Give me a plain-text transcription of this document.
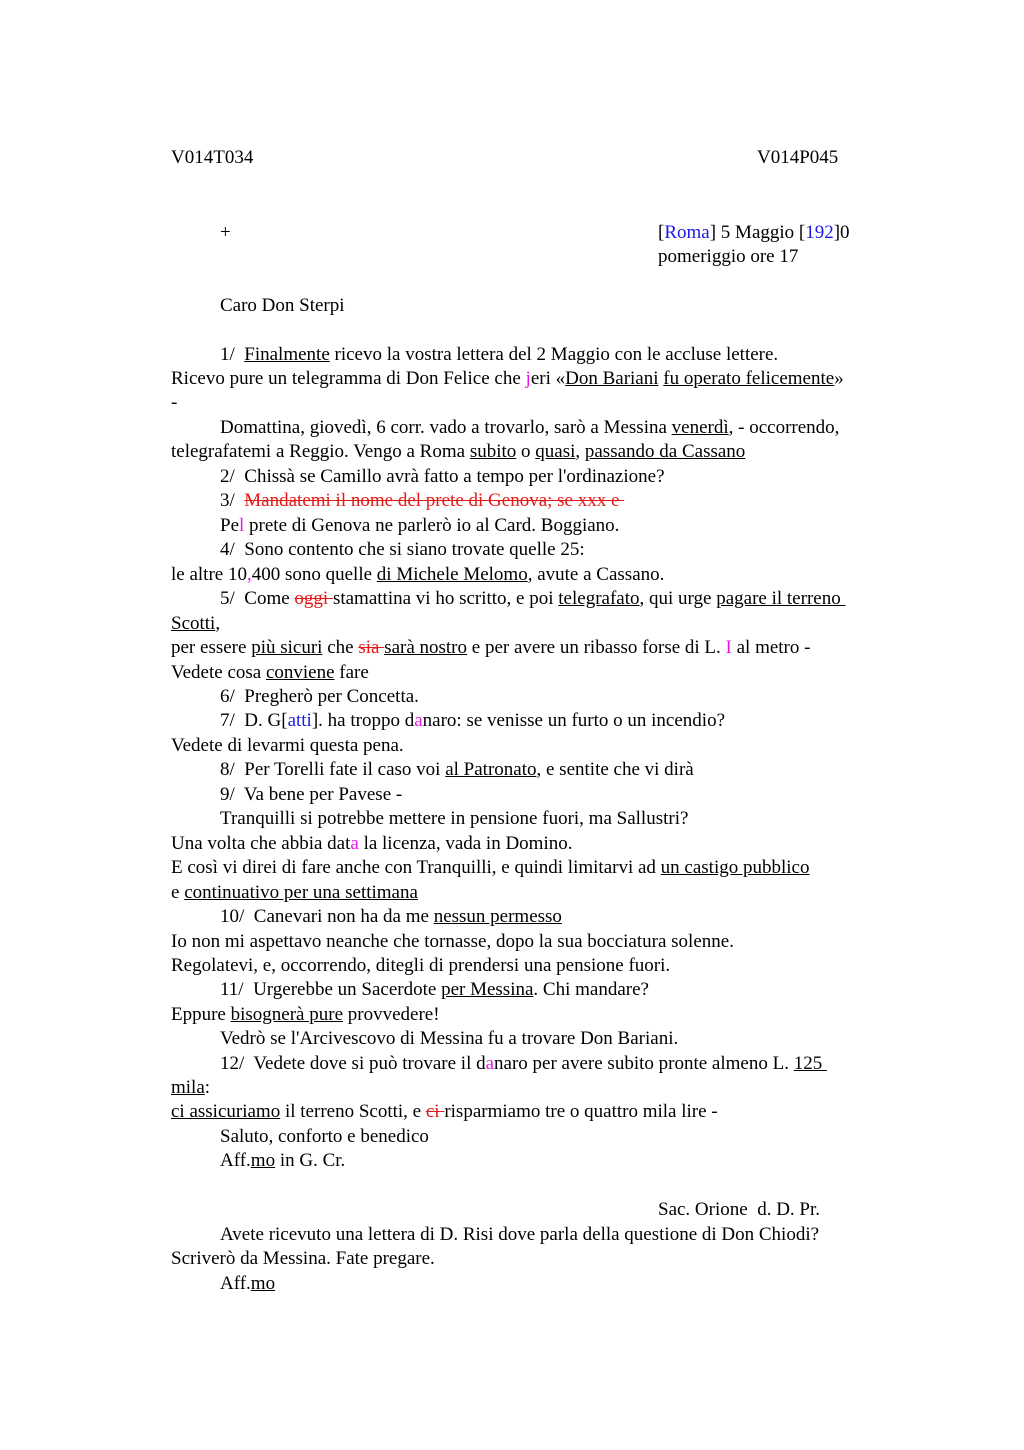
V014T034	V014P045
+	[Roma] 5 Maggio [192]0
pomeriggio ore 17
Caro Don Sterpi
1/  Finalmente ricevo la vostra lettera del 2 Maggio con le accluse lettere.
Ricevo pure un telegramma di Don Felice che jeri «Don Bariani fu operato felicemente»
-
Domattina, giovedì, 6 corr. vado a trovarlo, sarò a Messina venerdì, - occorrendo,
telegrafatemi a Reggio. Vengo a Roma subito o quasi, passando da Cassano
2/  Chissà se Camillo avrà fatto a tempo per l'ordinazione?
3/  Mandatemi il nome del prete di Genova; se xxx e
Pel prete di Genova ne parlerò io al Card. Boggiano.
4/  Sono contento che si siano trovate quelle 25:
le altre 10,400 sono quelle di Michele Melomo, avute a Cassano.
5/  Come oggi stamattina vi ho scritto, e poi telegrafato, qui urge pagare il terreno
Scotti,
per essere più sicuri che sia sarà nostro e per avere un ribasso forse di L. I al metro -
Vedete cosa conviene fare
6/  Pregherò per Concetta.
7/  D. G[atti]. ha troppo danaro: se venisse un furto o un incendio?
Vedete di levarmi questa pena.
8/  Per Torelli fate il caso voi al Patronato, e sentite che vi dirà
9/  Va bene per Pavese -
Tranquilli si potrebbe mettere in pensione fuori, ma Sallustri?
Una volta che abbia data la licenza, vada in Domino.
E così vi direi di fare anche con Tranquilli, e quindi limitarvi ad un castigo pubblico
e continuativo per una settimana
10/  Canevari non ha da me nessun permesso
Io non mi aspettavo neanche che tornasse, dopo la sua bocciatura solenne.
Regolatevi, e, occorrendo, ditegli di prendersi una pensione fuori.
11/  Urgerebbe un Sacerdote per Messina. Chi mandare?
Eppure bisognerà pure provvedere!
Vedrò se l'Arcivescovo di Messina fu a trovare Don Bariani.
12/  Vedete dove si può trovare il danaro per avere subito pronte almeno L. 125
mila:
ci assicuriamo il terreno Scotti, e ci risparmiamo tre o quattro mila lire -
Saluto, conforto e benedico
Aff.mo in G. Cr.
Sac. Orione  d. D. Pr.
Avete ricevuto una lettera di D. Risi dove parla della questione di Don Chiodi?
Scriverò da Messina. Fate pregare.
Aff.mo
